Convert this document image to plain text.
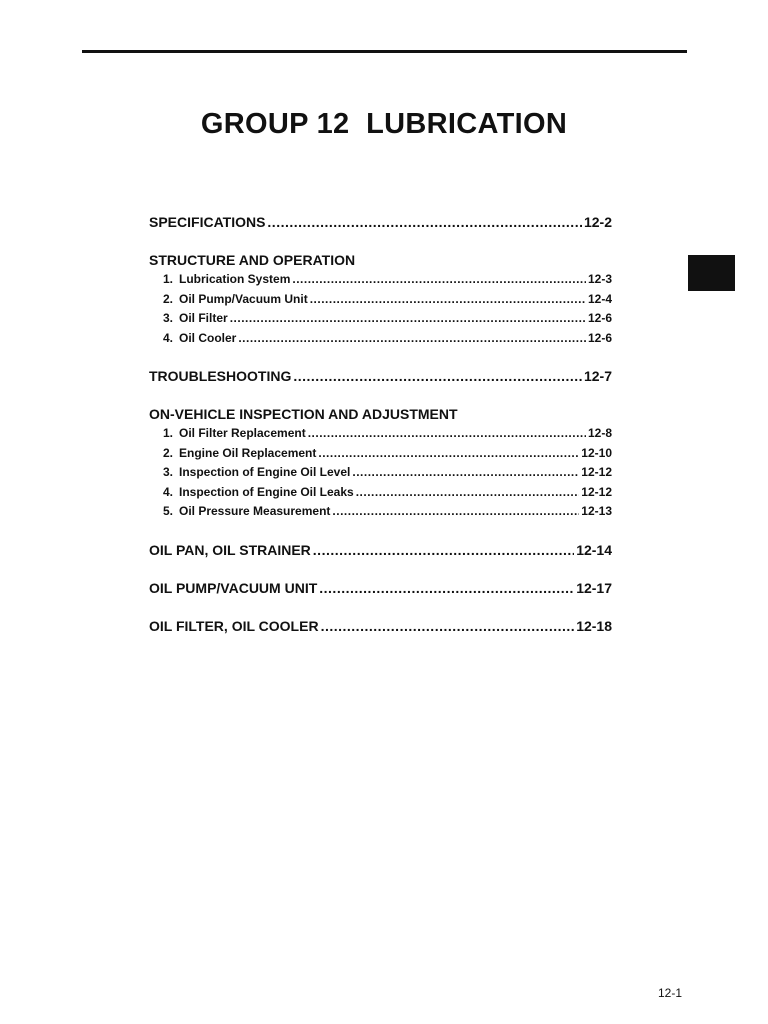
GROUP 12  LUBRICATION
SPECIFICATIONS .....	12-2
STRUCTURE AND OPERATION
1. Lubrication System .....	12-3
2. Oil Pump/Vacuum Unit .....	12-4
3. Oil Filter .....	12-6
4. Oil Cooler .....	12-6
TROUBLESHOOTING .....	12-7
ON-VEHICLE INSPECTION AND ADJUSTMENT
1. Oil Filter Replacement .....	12-8
2. Engine Oil Replacement .....	12-10
3. Inspection of Engine Oil Level .....	12-12
4. Inspection of Engine Oil Leaks .....	12-12
5. Oil Pressure Measurement .....	12-13
OIL PAN, OIL STRAINER .....	12-14
OIL PUMP/VACUUM UNIT .....	12-17
OIL FILTER, OIL COOLER .....	12-18
12-1
